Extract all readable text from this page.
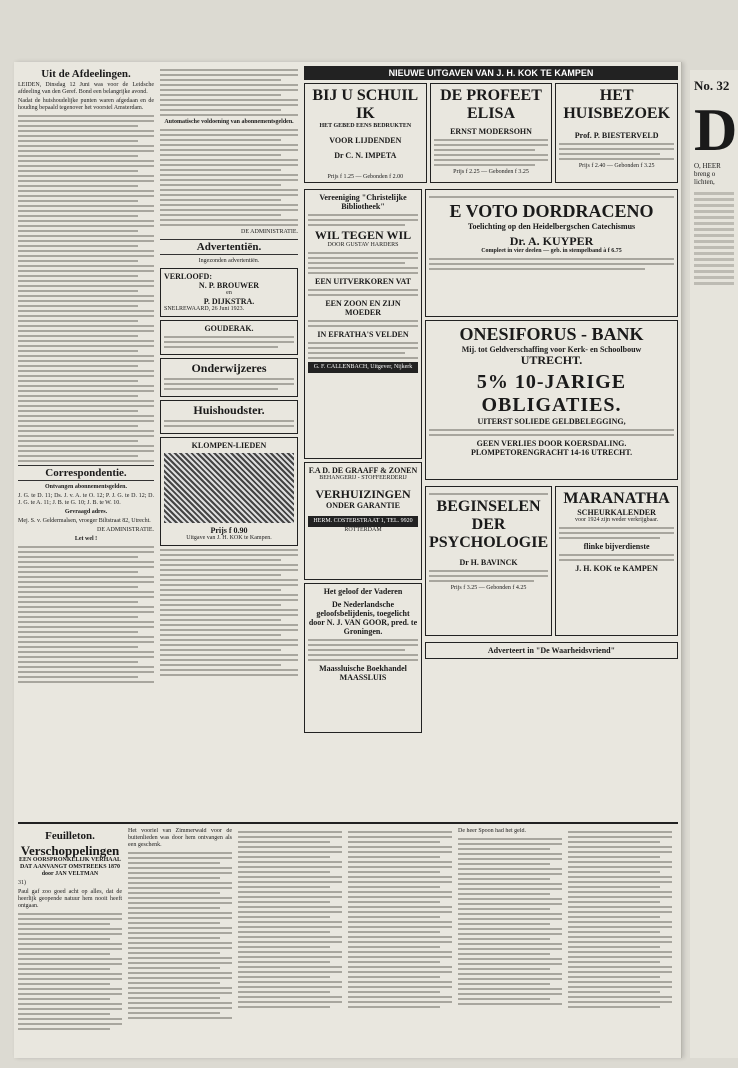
No. 32
D
O, HEER breng o lichten,
Uit de Afdeelingen.

LEIDEN, Dinsdag 12 Juni was voor de Leidsche afdeeling van den Geref. Bond een belangrijke avond.

Nadat de huishoudelijke punten waren afgedaan en de houding bepaald tegenover het voorstel Amsterdam.

Correspondentie.

Ontvangen abonnementsgelden.

J. G. te D. 11; Ds. J. v. A. te O. 12; P. J. G. te D. 12; D. J. G. te A. 11; J. B. te G. 10; J. B. te W. 10.

Gevraagd adres.

Mej. S. v. Geldermalsen, vroeger Biltstraat 82, Utrecht.

DE ADMINISTRATIE.

Let wel !

Automatische voldoening van abonnementsgelden.

DE ADMINISTRATIE.

Advertentiën.

Ingezonden advertentiën.

VERLOOFD:
N. P. BROUWER
en
P. DIJKSTRA.
SNELREWAARD, 26 Juni 1923.
GOUDERAK.
Onderwijzeres
Huishoudster.
KLOMPEN-LIEDEN
Prijs f 0.90
Uitgave van J. H. KOK te Kampen.
NIEUWE UITGAVEN VAN J. H. KOK TE KAMPEN
BIJ U SCHUIL IK
HET GEBED EENS BEDRUKTEN
VOOR LIJDENDEN
Dr C. N. IMPETA
Prijs f 1.25 — Gebonden f 2.00
DE PROFEET ELISA
ERNST MODERSOHN
Prijs f 2.25 — Gebonden f 3.25
HET HUISBEZOEK
Prof. P. BIESTERVELD
Prijs f 2.40 — Gebonden f 3.25
Vereeniging "Christelijke Bibliotheek"
WIL TEGEN WIL
DOOR GUSTAV HARDERS
EEN UITVERKOREN VAT
EEN ZOON EN ZIJN MOEDER
IN EFRATHA'S VELDEN
G. F. CALLENBACH, Uitgever, Nijkerk
F.A D. DE GRAAFF & ZONEN
BEHANGERIJ - STOFFEERDERIJ
VERHUIZINGEN
ONDER GARANTIE
HERM. COSTERSTRAAT 1, TEL. 9920
ROTTERDAM
Het geloof der Vaderen
De Nederlandsche geloofsbelijdenis, toegelicht door N. J. VAN GOOR, pred. te Groningen.
Maassluische Boekhandel MAASSLUIS
E VOTO DORDRACENO
Toelichting op den Heidelbergschen Catechismus
Dr. A. KUYPER
Compleet in vier deelen — geb. in stempelband à f 6.75
ONESIFORUS - BANK
Mij. tot Geldverschaffing voor Kerk- en Schoolbouw
UTRECHT.
5% 10-JARIGE OBLIGATIES.
UITERST SOLIEDE GELDBELEGGING,
GEEN VERLIES DOOR KOERSDALING.
PLOMPETORENGRACHT 14-16 UTRECHT.
BEGINSELEN DER PSYCHOLOGIE
Dr H. BAVINCK
Prijs f 3.25 — Gebonden f 4.25
MARANATHA
SCHEURKALENDER
voor 1924 zijn weder verkrijgbaar.
flinke bijverdienste
J. H. KOK te KAMPEN
Adverteert in "De Waarheidsvriend"
Feuilleton.
Verschoppelingen

EEN OORSPRONKELIJK VERHAAL DAT AANVANGT OMSTREEKS 1870 door JAN VELTMAN

31)

Paul gaf zoo goed acht op alles, dat de heerlijk geopende natuur hem nooit heeft ontgaan.

Het vooriel van Zimmerwald voor de buitenlieden was door hem ontvangen als een geschenk.

De heer Spoon had het geld.
